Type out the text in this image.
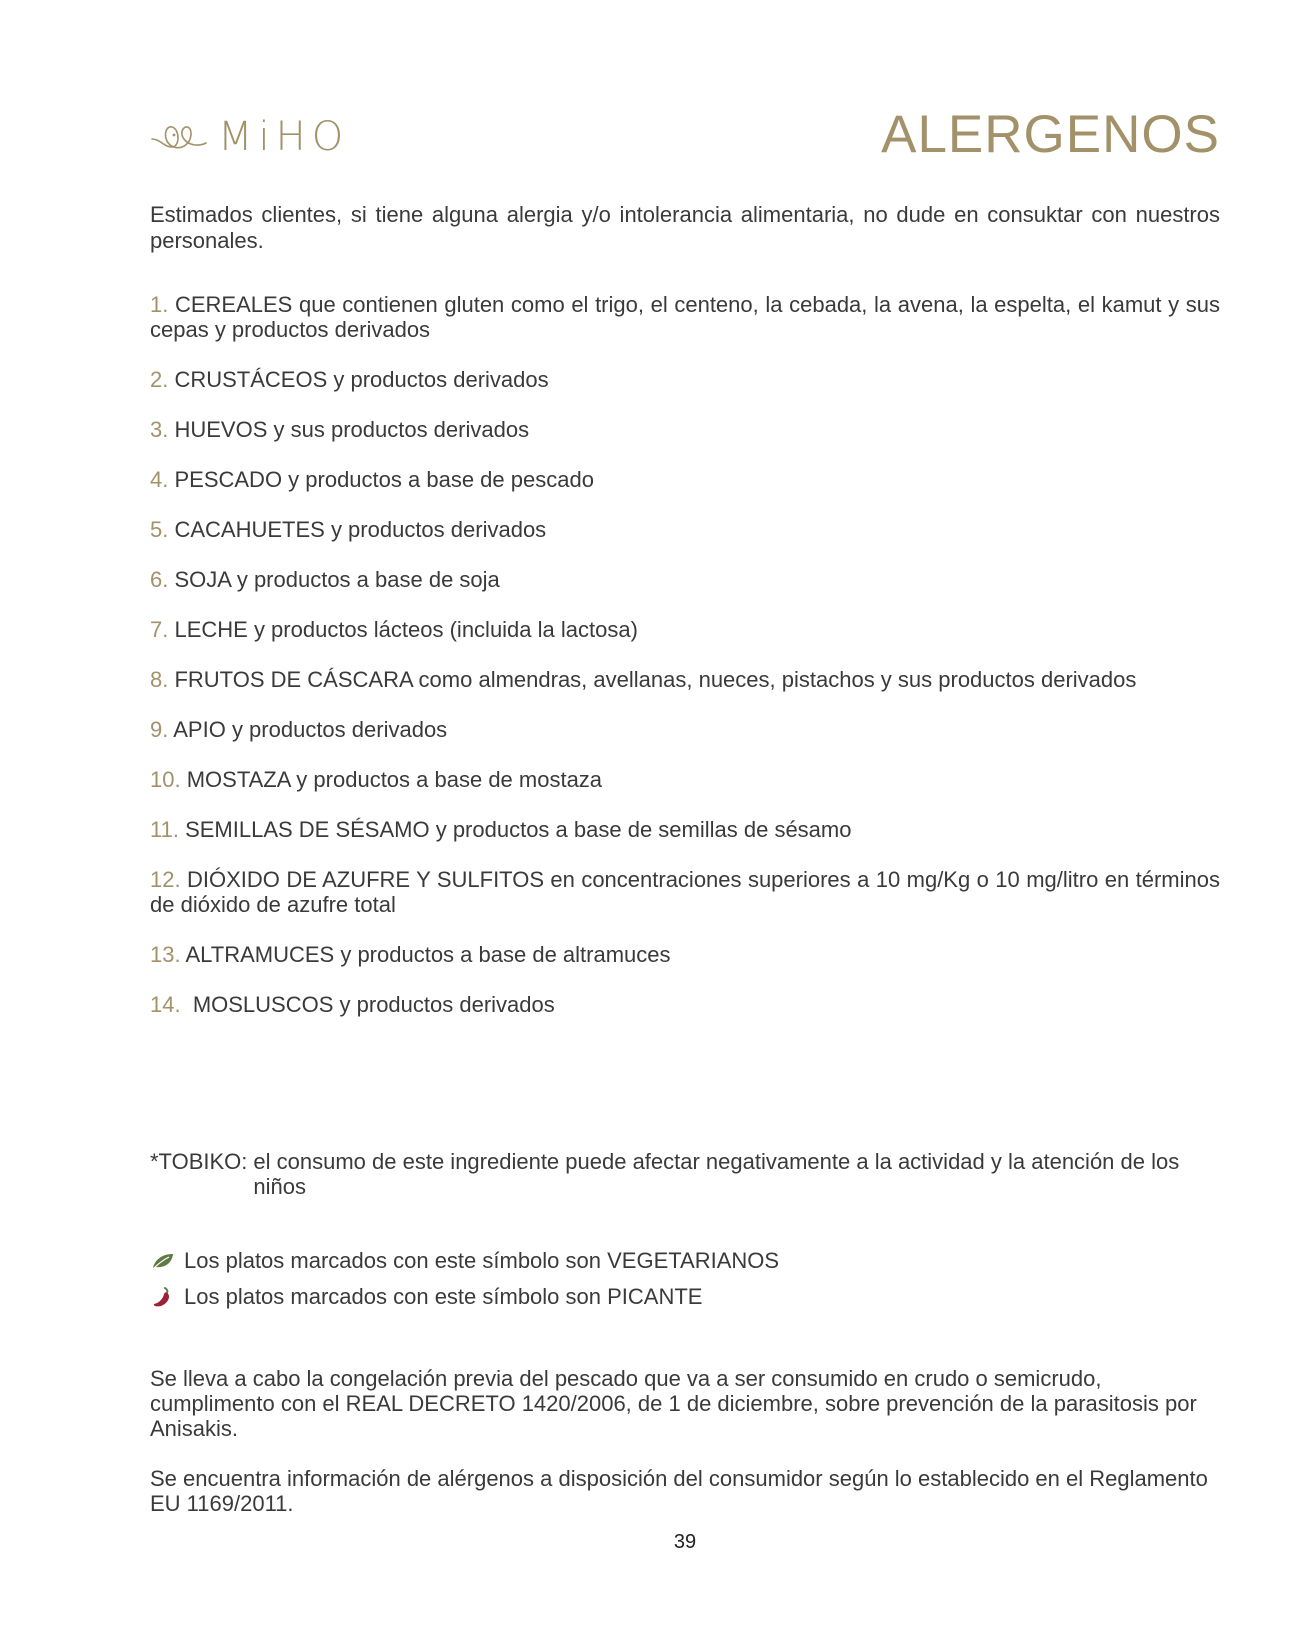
MiHO	ALERGENOS

Estimados clientes, si tiene alguna alergia y/o intolerancia alimentaria, no dude en consuktar con nuestros personales.

1. CEREALES que contienen gluten como el trigo, el centeno, la cebada, la avena, la espelta, el kamut y sus cepas y productos derivados
2. CRUSTÁCEOS y productos derivados
3. HUEVOS y sus productos derivados
4. PESCADO y productos a base de pescado
5. CACAHUETES y productos derivados
6. SOJA y productos a base de soja
7. LECHE y productos lácteos (incluida la lactosa)
8. FRUTOS DE CÁSCARA como almendras, avellanas, nueces, pistachos y sus productos derivados
9. APIO y productos derivados
10. MOSTAZA y productos a base de mostaza
11. SEMILLAS DE SÉSAMO y productos a base de semillas de sésamo
12. DIÓXIDO DE AZUFRE Y SULFITOS en concentraciones superiores a 10 mg/Kg o 10 mg/litro en términos de dióxido de azufre total
13. ALTRAMUCES y productos a base de altramuces
14.  MOSLUSCOS y productos derivados
*TOBIKO: el consumo de este ingrediente puede afectar negativamente a la actividad y la atención de los niños
Los platos marcados con este símbolo son VEGETARIANOS
Los platos marcados con este símbolo son PICANTE

Se lleva a cabo la congelación previa del pescado que va a ser consumido en crudo o semicrudo, cumplimento con el REAL DECRETO 1420/2006, de 1 de diciembre, sobre prevención de la parasitosis por Anisakis.

Se encuentra información de alérgenos a disposición del consumidor según lo establecido en el Reglamento EU 1169/2011.

39
